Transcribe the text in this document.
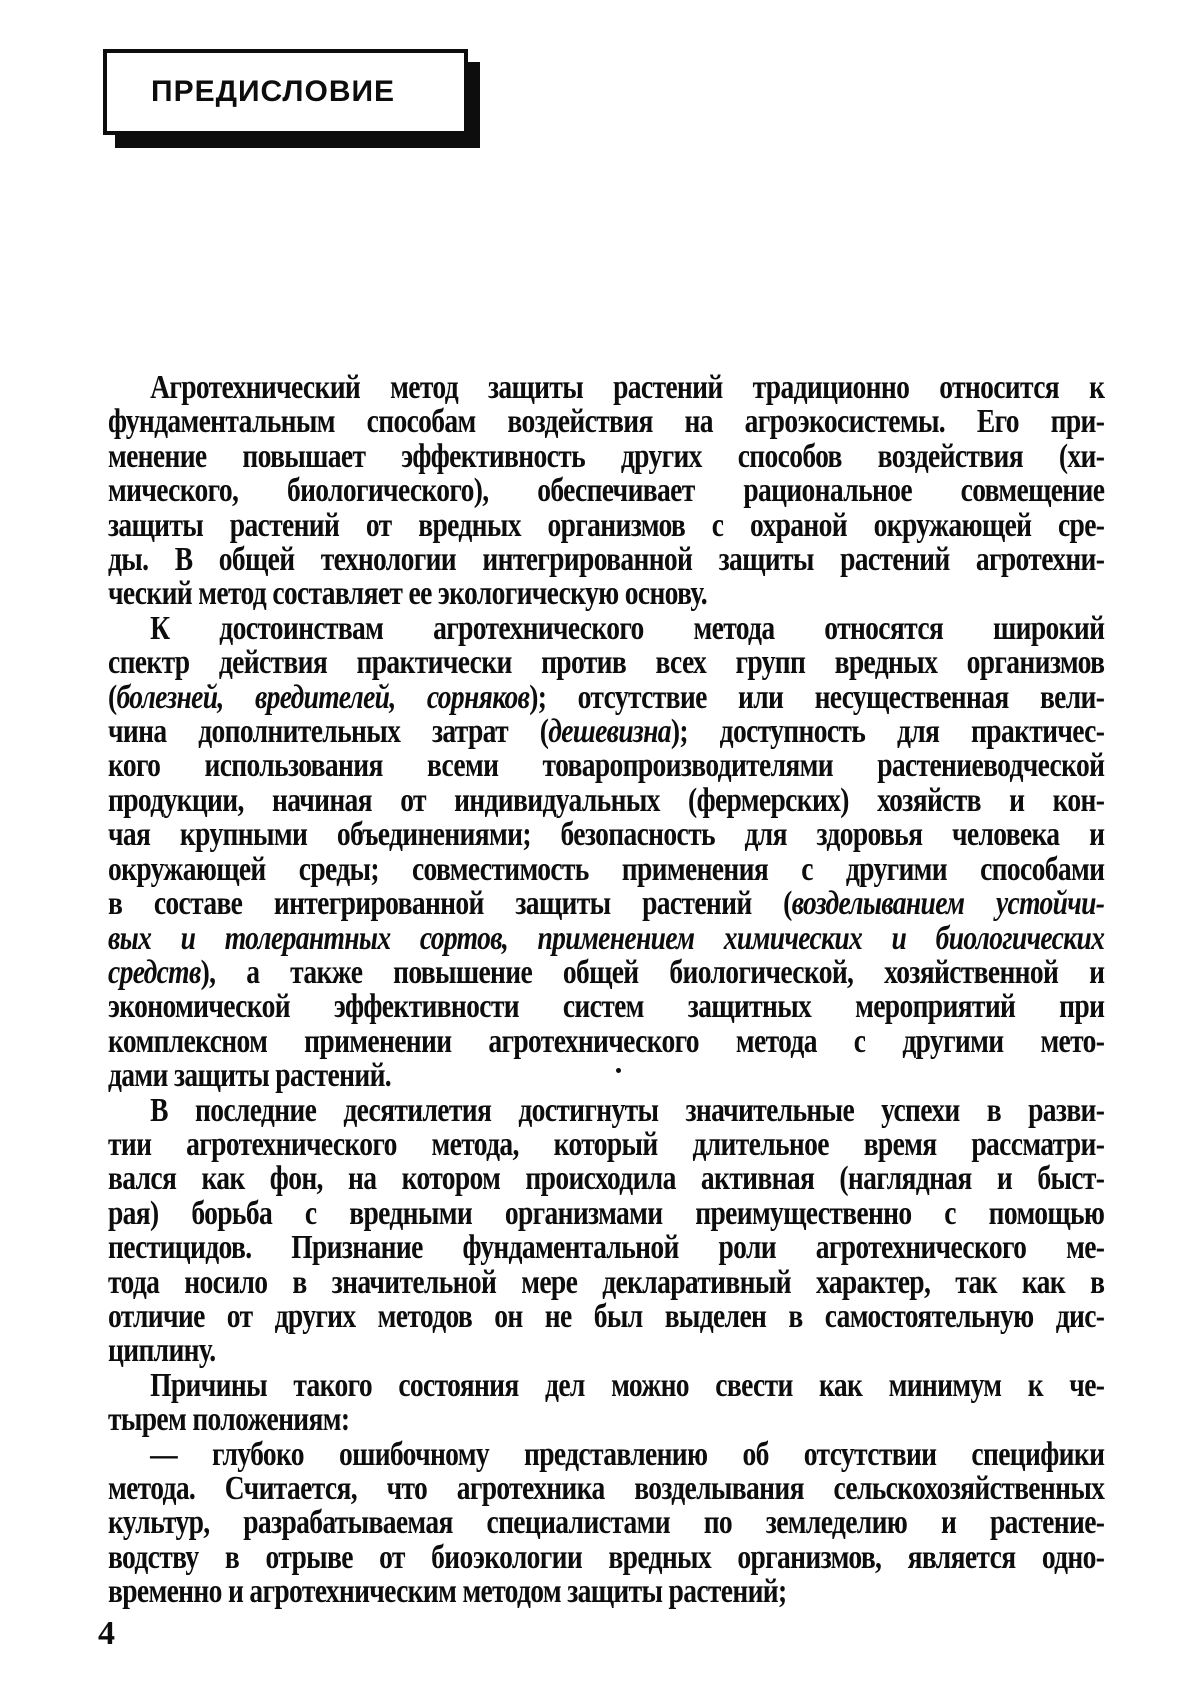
ПРЕДИСЛОВИЕ
Агротехнический метод защиты растений традиционно относится к
фундаментальным способам воздействия на агроэкосистемы. Его при-
менение повышает эффективность других способов воздействия (хи-
мического, биологического), обеспечивает рациональное совмещение
защиты растений от вредных организмов с охраной окружающей сре-
ды. В общей технологии интегрированной защиты растений агротехни-
ческий метод составляет ее экологическую основу.
К достоинствам агротехнического метода относятся широкий
спектр действия практически против всех групп вредных организмов
(болезней, вредителей, сорняков); отсутствие или несущественная вели-
чина дополнительных затрат (дешевизна); доступность для практичес-
кого использования всеми товаропроизводителями растениеводческой
продукции, начиная от индивидуальных (фермерских) хозяйств и кон-
чая крупными объединениями; безопасность для здоровья человека и
окружающей среды; совместимость применения с другими способами
в составе интегрированной защиты растений (возделыванием устойчи-
вых и толерантных сортов, применением химических и биологических
средств), а также повышение общей биологической, хозяйственной и
экономической эффективности систем защитных мероприятий при
комплексном применении агротехнического метода с другими мето-
дами защиты растений.
В последние десятилетия достигнуты значительные успехи в разви-
тии агротехнического метода, который длительное время рассматри-
вался как фон, на котором происходила активная (наглядная и быст-
рая) борьба с вредными организмами преимущественно с помощью
пестицидов. Признание фундаментальной роли агротехнического ме-
тода носило в значительной мере декларативный характер, так как в
отличие от других методов он не был выделен в самостоятельную дис-
циплину.
Причины такого состояния дел можно свести как минимум к че-
тырем положениям:
— глубоко ошибочному представлению об отсутствии специфики
метода. Считается, что агротехника возделывания сельскохозяйственных
культур, разрабатываемая специалистами по земледелию и растение-
водству в отрыве от биоэкологии вредных организмов, является одно-
временно и агротехническим методом защиты растений;
4
